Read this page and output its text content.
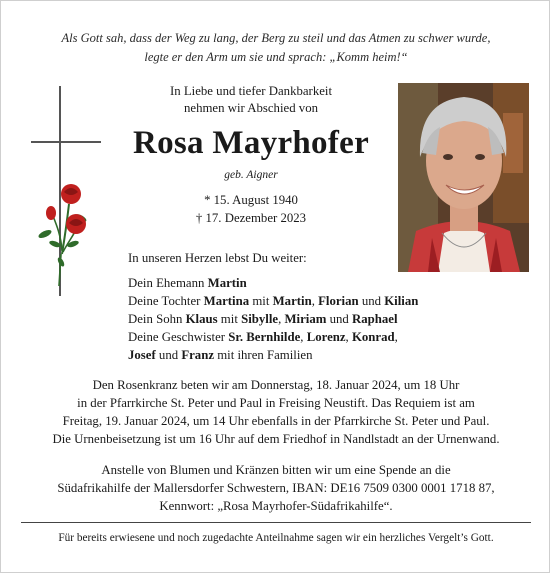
Als Gott sah, dass der Weg zu lang, der Berg zu steil und das Atmen zu schwer wurde,
legte er den Arm um sie und sprach: „Komm heim!“
In Liebe und tiefer Dankbarkeit
nehmen wir Abschied von
Rosa Mayrhofer
geb. Aigner
* 15. August 1940
† 17. Dezember 2023
In unseren Herzen lebst Du weiter:
Dein Ehemann Martin
Deine Tochter Martina mit Martin, Florian und Kilian
Dein Sohn Klaus mit Sibylle, Miriam und Raphael
Deine Geschwister Sr. Bernhilde, Lorenz, Konrad,
Josef und Franz mit ihren Familien
Den Rosenkranz beten wir am Donnerstag, 18. Januar 2024, um 18 Uhr
in der Pfarrkirche St. Peter und Paul in Freising Neustift. Das Requiem ist am
Freitag, 19. Januar 2024, um 14 Uhr ebenfalls in der Pfarrkirche St. Peter und Paul.
Die Urnenbeisetzung ist um 16 Uhr auf dem Friedhof in Nandlstadt an der Urnenwand.
Anstelle von Blumen und Kränzen bitten wir um eine Spende an die
Südafrikahilfe der Mallersdorfer Schwestern, IBAN: DE16 7509 0300 0001 1718 87,
Kennwort: „Rosa Mayrhofer-Südafrikahilfe“.
Für bereits erwiesene und noch zugedachte Anteilnahme sagen wir ein herzliches Vergelt’s Gott.
